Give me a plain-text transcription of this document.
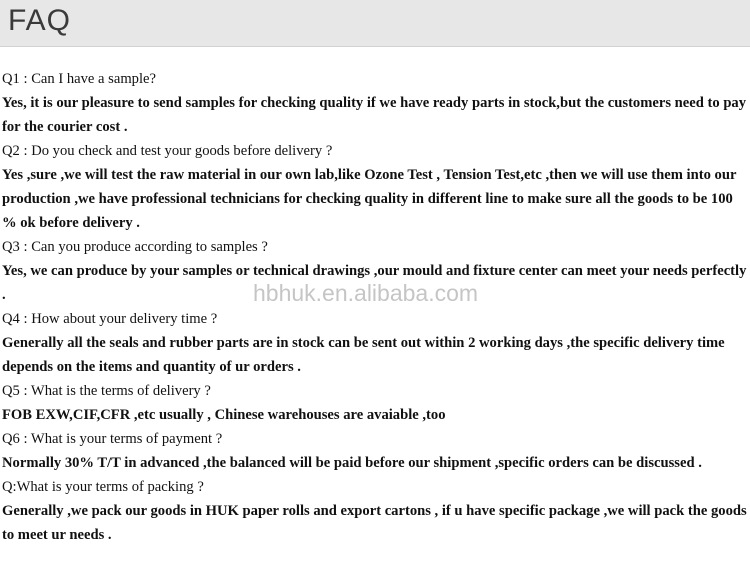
FAQ
Q1 : Can I have a sample?
Yes, it is our pleasure to send samples for checking quality if we have ready parts in stock,but the customers need to pay for the courier cost .
Q2 : Do you check and test your goods before delivery ?
Yes ,sure ,we will test the raw material in our own lab,like Ozone Test , Tension Test,etc ,then we will use them into our production ,we have professional technicians for checking quality in different line to make sure all the goods to be 100 % ok before delivery .
Q3 : Can you produce according to samples ?
Yes, we can produce by your samples or technical drawings ,our mould and fixture center can meet your needs perfectly .
Q4 : How about your delivery time ?
Generally all the seals and rubber parts are in stock can be sent out within 2 working days ,the specific delivery time depends on the items and quantity of ur orders .
Q5 : What is the terms of delivery ?
FOB EXW,CIF,CFR ,etc usually , Chinese warehouses are avaiable ,too
Q6 : What is your terms of payment ?
Normally 30% T/T in advanced ,the balanced will be paid before our shipment ,specific orders can be discussed .
Q:What is your terms of packing ?
Generally ,we pack our goods in HUK paper rolls and export cartons , if u have specific package ,we will pack the goods to meet ur needs .
hbhuk.en.alibaba.com
